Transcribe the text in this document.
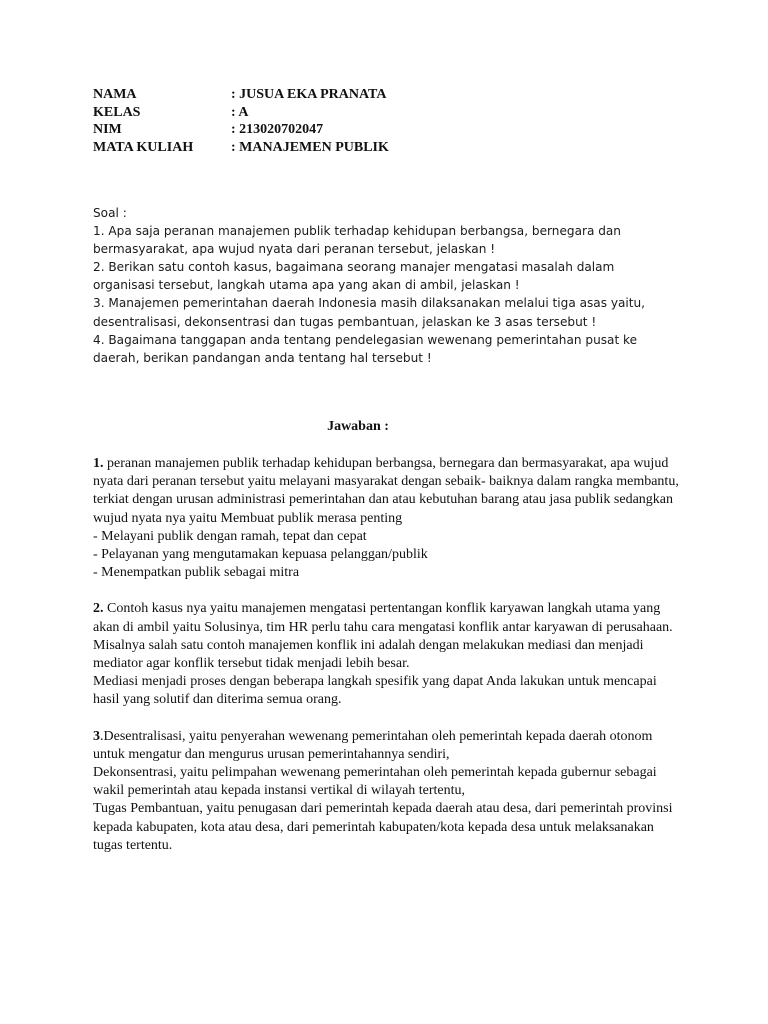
NAMA	: JUSUA EKA PRANATA
KELAS	: A
NIM	: 213020702047
MATA KULIAH	: MANAJEMEN PUBLIK

Soal :

1. Apa saja peranan manajemen publik terhadap kehidupan berbangsa, bernegara dan bermasyarakat, apa wujud nyata dari peranan tersebut, jelaskan !

2. Berikan satu contoh kasus, bagaimana seorang manajer mengatasi masalah dalam organisasi tersebut, langkah utama apa yang akan di ambil, jelaskan !

3. Manajemen pemerintahan daerah Indonesia masih dilaksanakan melalui tiga asas yaitu, desentralisasi, dekonsentrasi dan tugas pembantuan, jelaskan ke 3 asas tersebut !

4. Bagaimana tanggapan anda tentang pendelegasian wewenang pemerintahan pusat ke daerah, berikan pandangan anda tentang hal tersebut !

Jawaban :

1. peranan manajemen publik terhadap kehidupan berbangsa, bernegara dan bermasyarakat, apa wujud nyata dari peranan tersebut yaitu melayani masyarakat dengan sebaik- baiknya dalam rangka membantu, terkiat dengan urusan administrasi pemerintahan dan atau kebutuhan barang atau jasa publik sedangkan wujud nyata nya yaitu Membuat publik merasa penting

- Melayani publik dengan ramah, tepat dan cepat

- Pelayanan yang mengutamakan kepuasa pelanggan/publik

- Menempatkan publik sebagai mitra

2. Contoh kasus nya yaitu manajemen mengatasi pertentangan konflik karyawan langkah utama yang akan di ambil yaitu Solusinya, tim HR perlu tahu cara mengatasi konflik antar karyawan di perusahaan.

Misalnya salah satu contoh manajemen konflik ini adalah dengan melakukan mediasi dan menjadi mediator agar konflik tersebut tidak menjadi lebih besar.

Mediasi menjadi proses dengan beberapa langkah spesifik yang dapat Anda lakukan untuk mencapai hasil yang solutif dan diterima semua orang.

3.Desentralisasi, yaitu penyerahan wewenang pemerintahan oleh pemerintah kepada daerah otonom untuk mengatur dan mengurus urusan pemerintahannya sendiri,

Dekonsentrasi, yaitu pelimpahan wewenang pemerintahan oleh pemerintah kepada gubernur sebagai wakil pemerintah atau kepada instansi vertikal di wilayah tertentu,

Tugas Pembantuan, yaitu penugasan dari pemerintah kepada daerah atau desa, dari pemerintah provinsi kepada kabupaten, kota atau desa, dari pemerintah kabupaten/kota kepada desa untuk melaksanakan tugas tertentu.
